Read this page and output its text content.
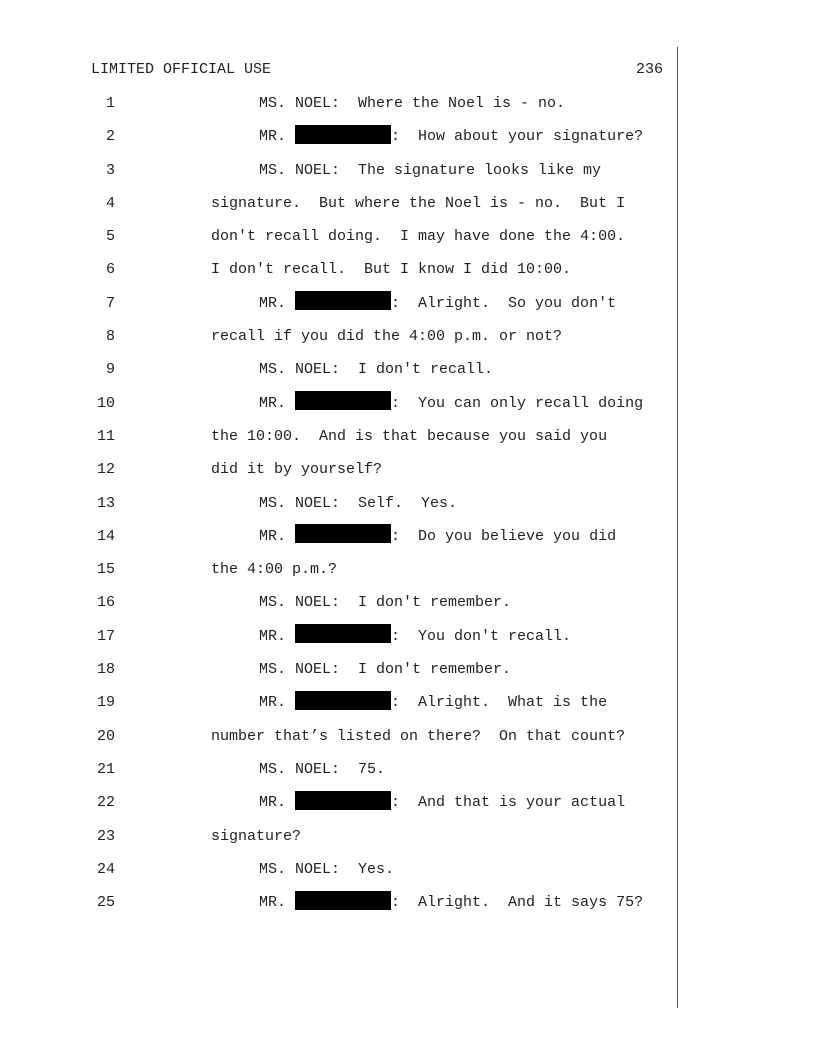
LIMITED OFFICIAL USE	236
1	MS. NOEL:  Where the Noel is - no.
2	MR.	:  How about your signature?
3	MS. NOEL:  The signature looks like my
4	signature.  But where the Noel is - no.  But I
5	don't recall doing.  I may have done the 4:00.
6	I don't recall.  But I know I did 10:00.
7	MR.	:  Alright.  So you don't
8	recall if you did the 4:00 p.m. or not?
9	MS. NOEL:  I don't recall.
10	MR.	:  You can only recall doing
11	the 10:00.  And is that because you said you
12	did it by yourself?
13	MS. NOEL:  Self.  Yes.
14	MR.	:  Do you believe you did
15	the 4:00 p.m.?
16	MS. NOEL:  I don't remember.
17	MR.	:  You don't recall.
18	MS. NOEL:  I don't remember.
19	MR.	:  Alright.  What is the
20	number that’s listed on there?  On that count?
21	MS. NOEL:  75.
22	MR.	:  And that is your actual
23	signature?
24	MS. NOEL:  Yes.
25	MR.	:  Alright.  And it says 75?
